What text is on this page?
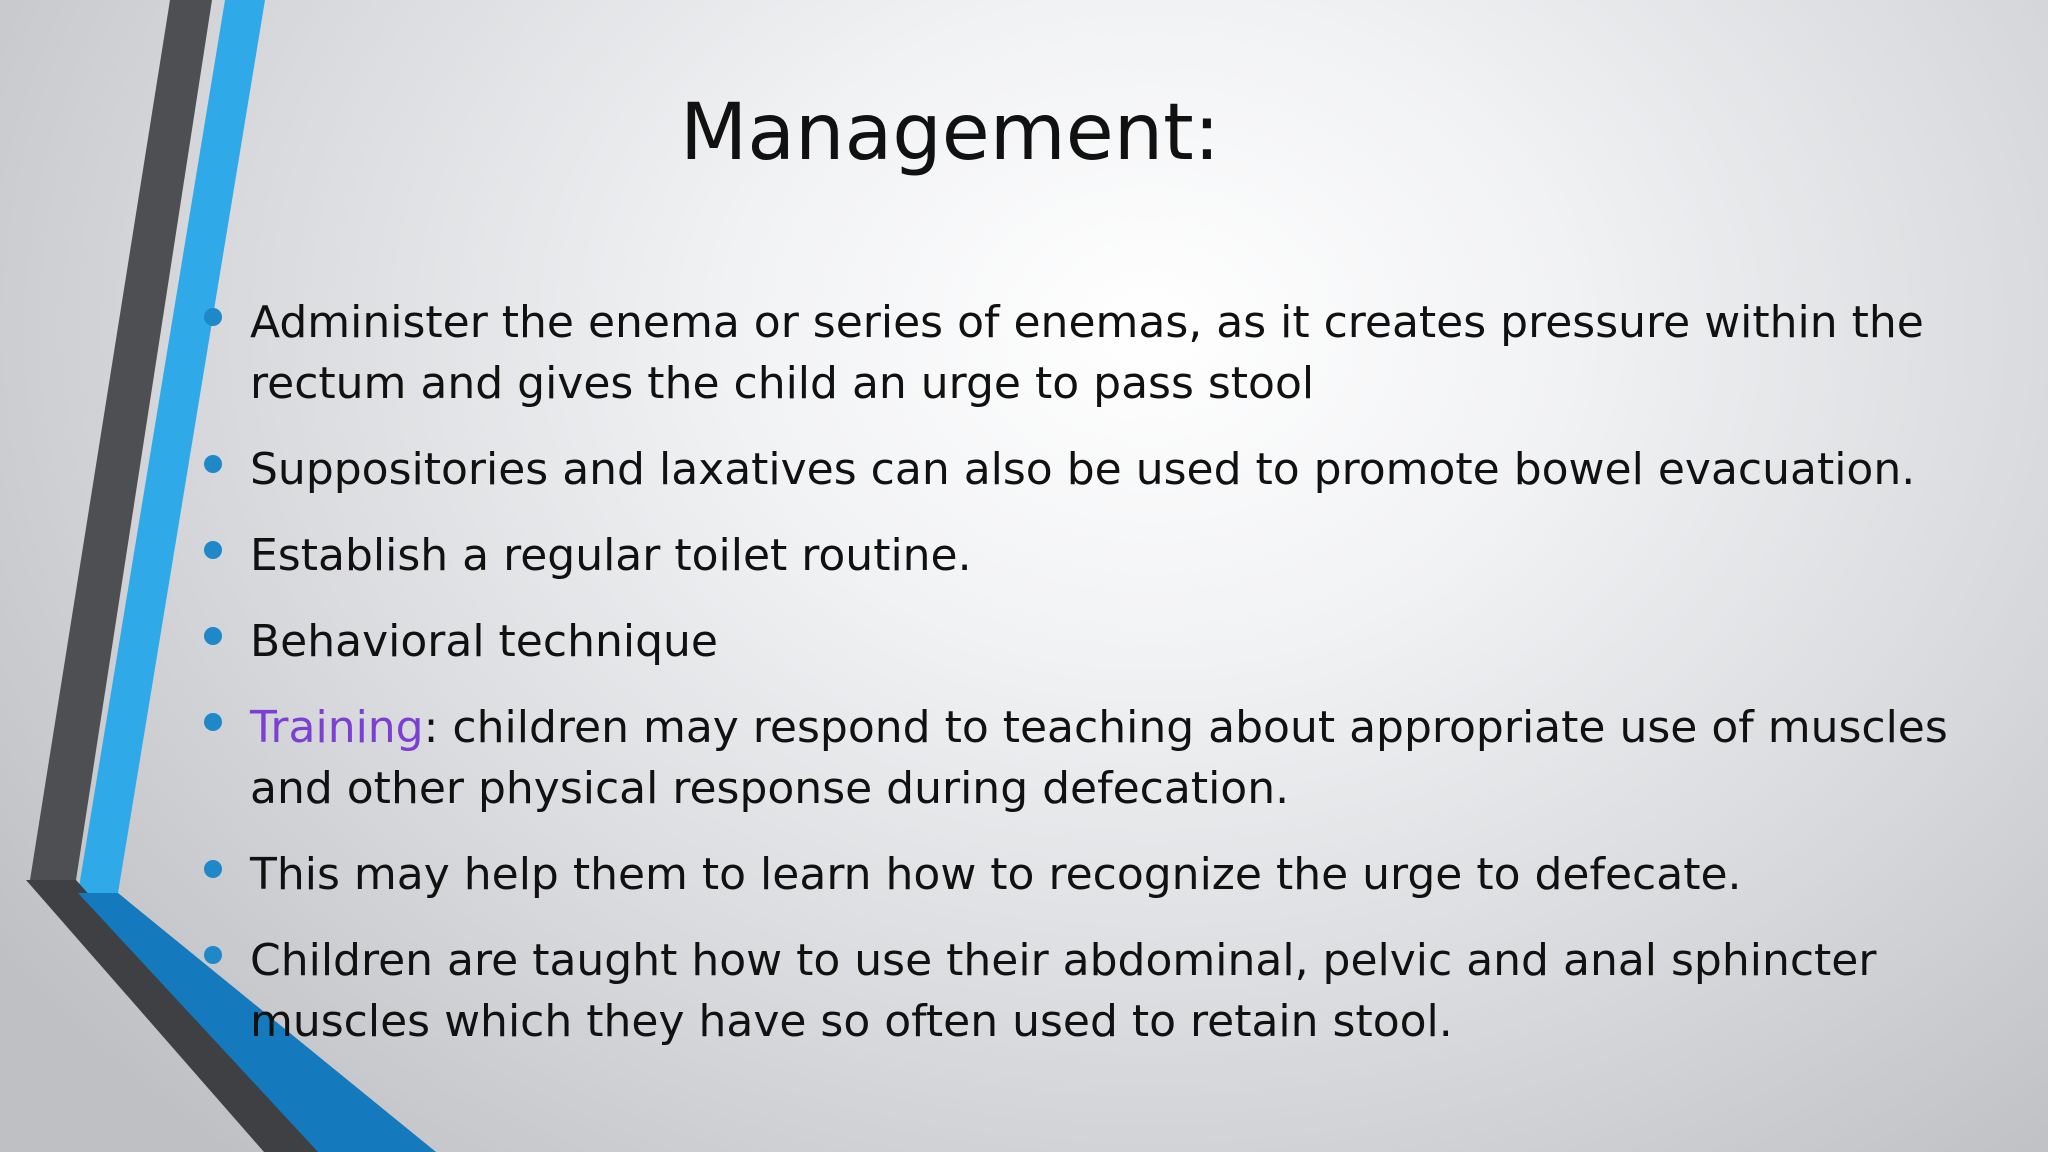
Management:
Administer the enema or series of enemas, as it creates pressure within the rectum and gives the child an urge to pass stool
Suppositories and laxatives can also be used to promote bowel evacuation.
Establish a regular toilet routine.
Behavioral technique
Training: children may respond to teaching about appropriate use of muscles and other physical response during defecation.
This may help them to learn how to recognize the urge to defecate.
Children are taught how to use their abdominal, pelvic and anal sphincter muscles which they have so often used to retain stool.
